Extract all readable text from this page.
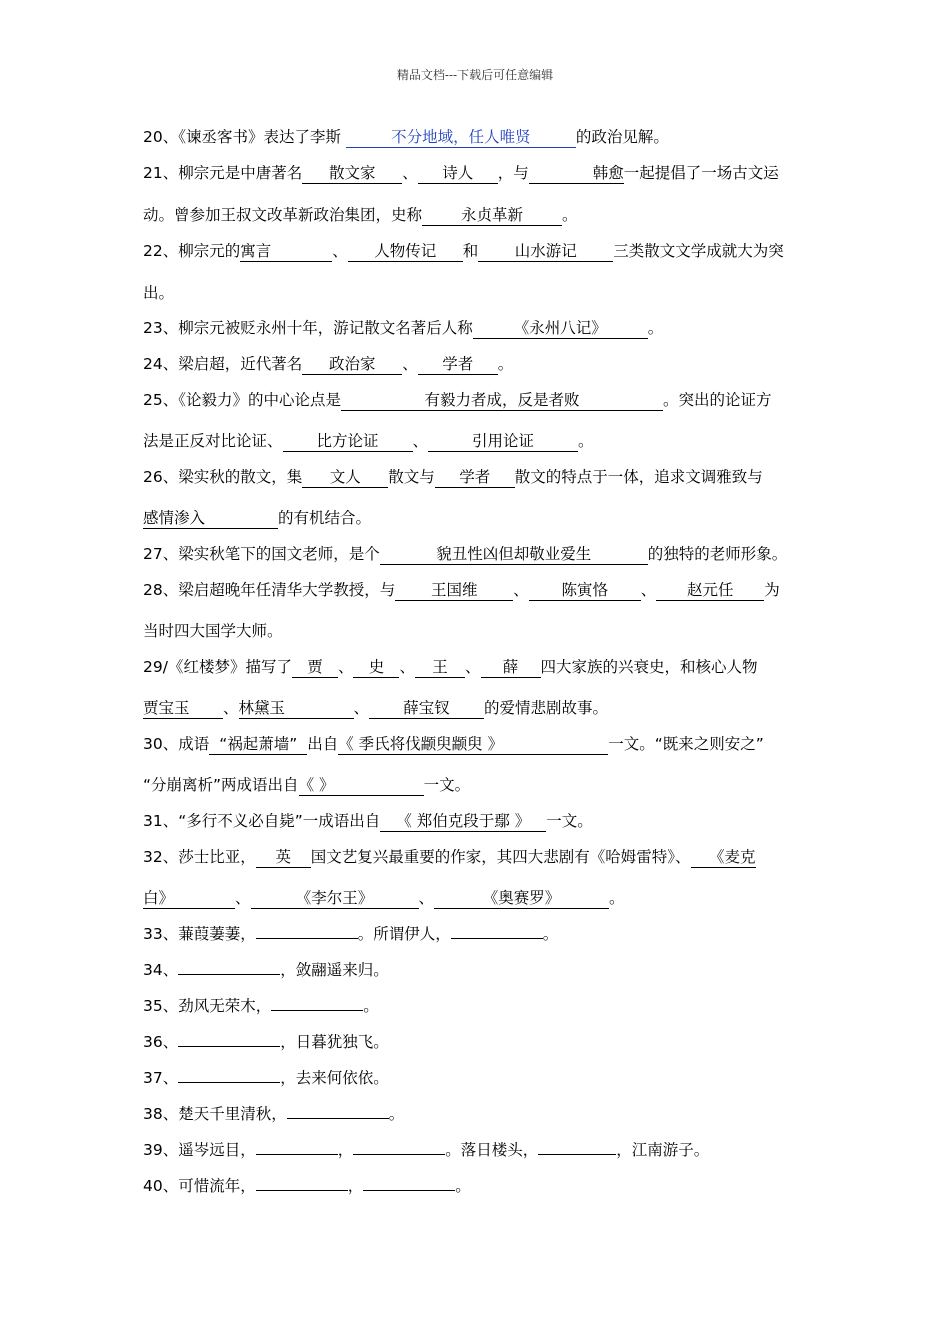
精品文档---下载后可任意编辑
20、《谏丞客书》表达了李斯	不分地域，任人唯贤	的政治见解。
21、柳宗元是中唐著名 散文家 、 诗人 ，与	韩愈一起提倡了一场古文运
动。曾参加王叔文改革新政治集团，史称	永贞革新	。
22、柳宗元的寓言	、 人物传记 和 山水游记 三类散文文学成就大为突
出。
23、柳宗元被贬永州十年，游记散文名著后人称	《永州八记》	。
24、梁启超，近代著名 政治家 、 学者 。
25、《论毅力》的中心论点是	有毅力者成，反是者败	。突出的论证方
法是正反对比论证、 比方论证 、	引用论证	。
26、梁实秋的散文，集 文人 散文与 学者 散文的特点于一体，追求文调雅致与
感情渗入	的有机结合。
27、梁实秋笔下的国文老师，是个	貌丑性凶但却敬业爱生	的独特的老师形象。
28、梁启超晚年任清华大学教授，与 王国维 、 陈寅恪 、 赵元任 为
当时四大国学大师。
29/《红楼梦》描写了 贾 、 史 、 王 、 薛 四大家族的兴衰史，和核心人物
贾宝玉 、林黛玉	、 薛宝钗 的爱情悲剧故事。
30、成语 “祸起萧墙” 出自《 季氏将伐颛臾颛臾 》	一文。“既来之则安之”
“分崩离析”两成语出自《 》	一文。
31、“多行不义必自毙”一成语出自 《 郑伯克段于鄢 》 一文。
32、莎士比亚， 英 国文艺复兴最重要的作家，其四大悲剧有《哈姆雷特》、 《麦克
白》	、	《李尔王》	、	《奥赛罗》	。
33、蒹葭萋萋，	。所谓伊人，	。
34、	，敛翮遥来归。
35、劲风无荣木，	。
36、	，日暮犹独飞。
37、	，去来何依依。
38、楚天千里清秋，	。
39、遥岑远目，	，	。落日楼头，	，江南游子。
40、可惜流年，	，	。
